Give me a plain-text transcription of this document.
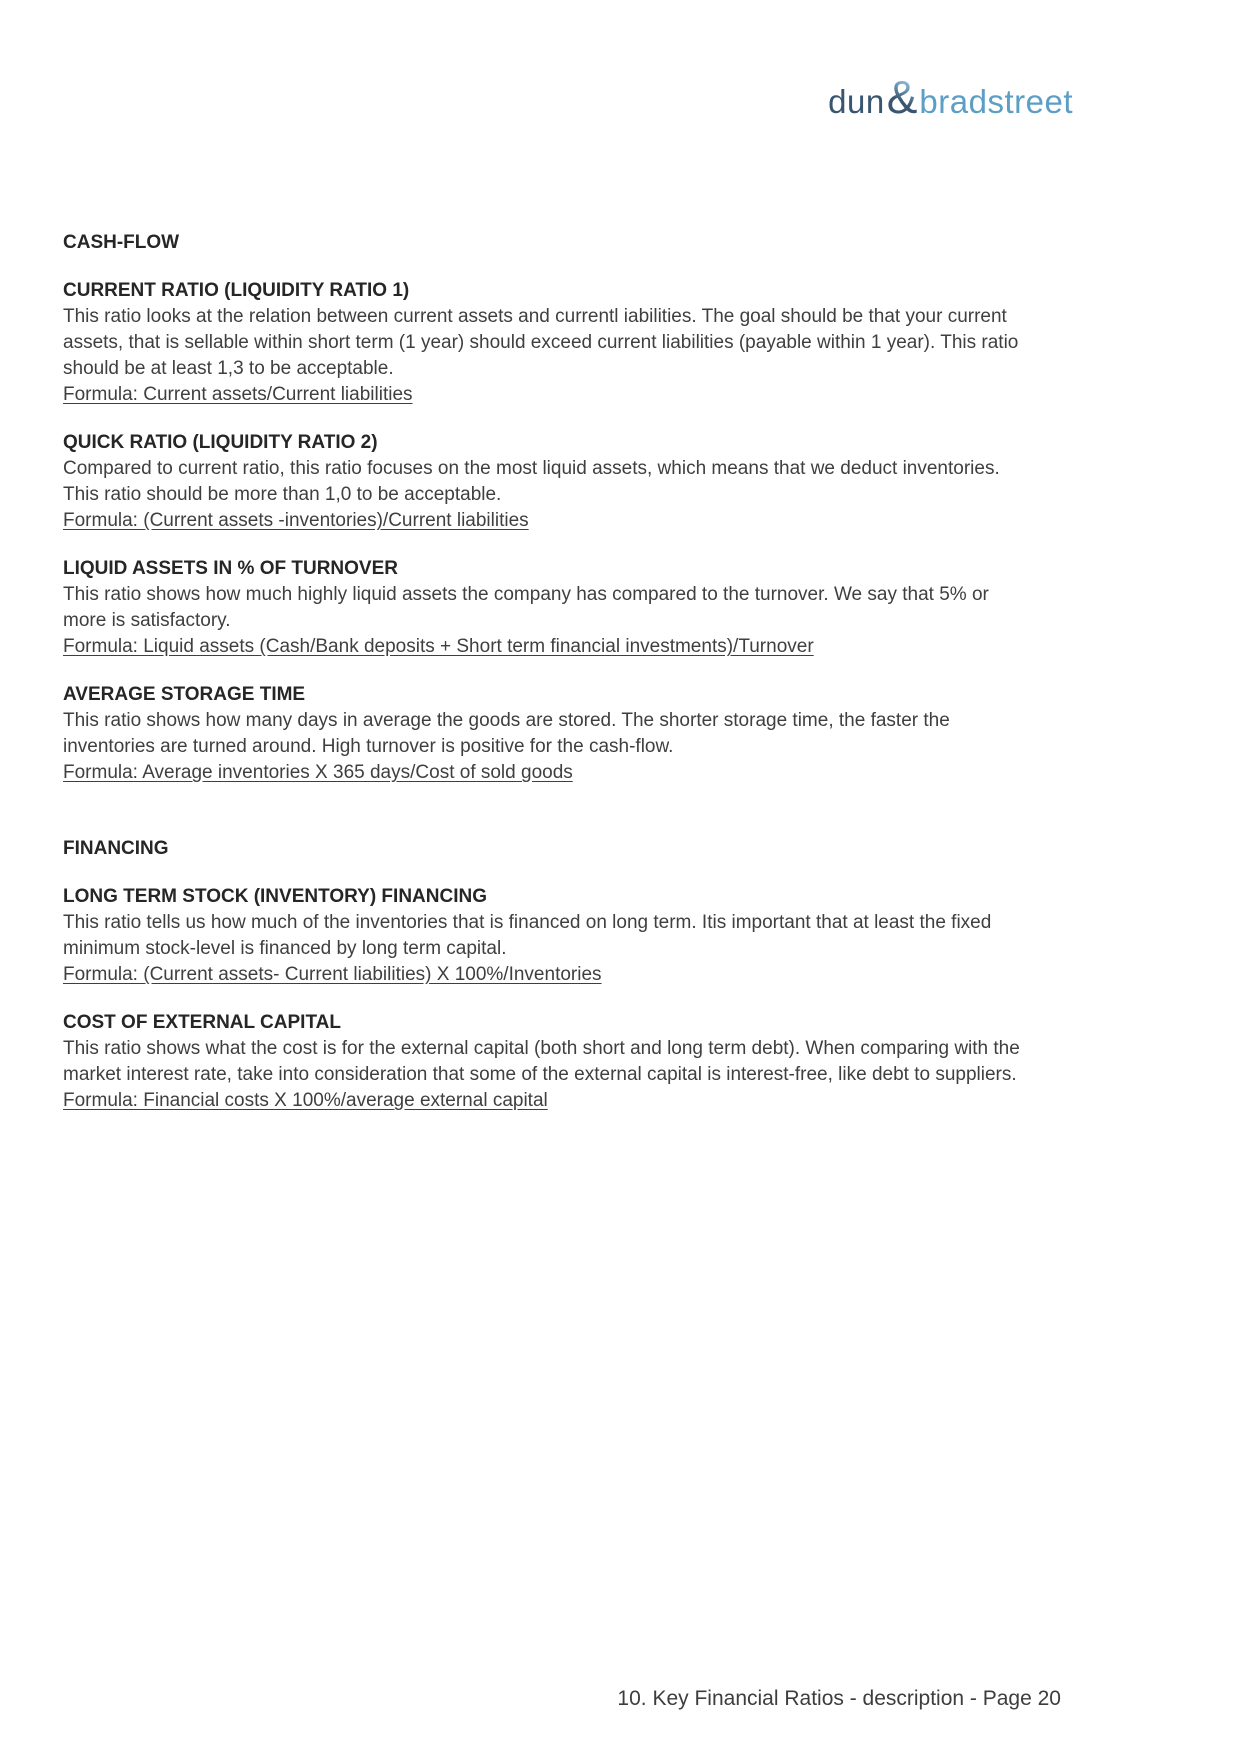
dun & bradstreet
CASH-FLOW
CURRENT RATIO (LIQUIDITY RATIO 1)

This ratio looks at the relation between current assets and currentl iabilities. The goal should be that your current assets, that is sellable within short term (1 year) should exceed current liabilities (payable within 1 year). This ratio should be at least 1,3 to be acceptable.

Formula: Current assets/Current liabilities

QUICK RATIO (LIQUIDITY RATIO 2)

Compared to current ratio, this ratio focuses on the most liquid assets, which means that we deduct inventories. This ratio should be more than 1,0 to be acceptable.

Formula: (Current assets -inventories)/Current liabilities

LIQUID ASSETS IN % OF TURNOVER

This ratio shows how much highly liquid assets the company has compared to the turnover. We say that 5% or more is satisfactory.

Formula: Liquid assets (Cash/Bank deposits + Short term financial investments)/Turnover

AVERAGE STORAGE TIME

This ratio shows how many days in average the goods are stored. The shorter storage time, the faster the inventories are turned around. High turnover is positive for the cash-flow.

Formula: Average inventories X 365 days/Cost of sold goods

FINANCING
LONG TERM STOCK (INVENTORY) FINANCING

This ratio tells us how much of the inventories that is financed on long term. Itis important that at least the fixed minimum stock-level is financed by long term capital.

Formula: (Current assets- Current liabilities) X 100%/Inventories

COST OF EXTERNAL CAPITAL

This ratio shows what the cost is for the external capital (both short and long term debt). When comparing with the market interest rate, take into consideration that some of the external capital is interest-free, like debt to suppliers.

Formula: Financial costs X 100%/average external capital

10. Key Financial Ratios - description - Page 20
